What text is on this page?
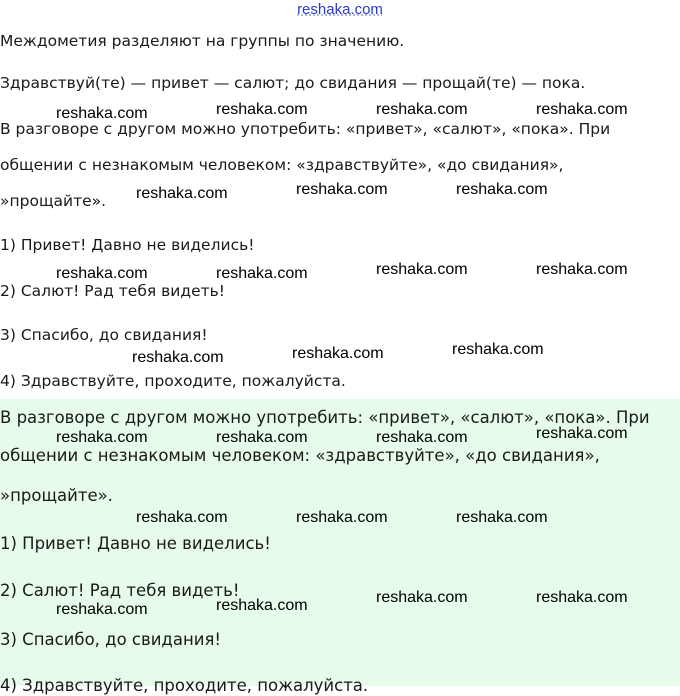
reshaka.com
Междометия разделяют на группы по значению.
Здравствуй(те) — привет — салют; до свидания — прощай(те) — пока.
В разговоре с другом можно употребить: «привет», «салют», «пока». При
общении с незнакомым человеком: «здравствуйте», «до свидания»,
»прощайте».
1) Привет! Давно не виделись!
2) Салют! Рад тебя видеть!
3) Спасибо, до свидания!
4) Здравствуйте, проходите, пожалуйста.
В разговоре с другом можно употребить: «привет», «салют», «пока». При
общении с незнакомым человеком: «здравствуйте», «до свидания»,
»прощайте».
1) Привет! Давно не виделись!
2) Салют! Рад тебя видеть!
3) Спасибо, до свидания!
4) Здравствуйте, проходите, пожалуйста.
reshaka.com	reshaka.com	reshaka.com	reshaka.com
reshaka.com	reshaka.com	reshaka.com
reshaka.com	reshaka.com	reshaka.com	reshaka.com
reshaka.com	reshaka.com	reshaka.com
reshaka.com	reshaka.com	reshaka.com	reshaka.com
reshaka.com	reshaka.com	reshaka.com
reshaka.com	reshaka.com	reshaka.com	reshaka.com
